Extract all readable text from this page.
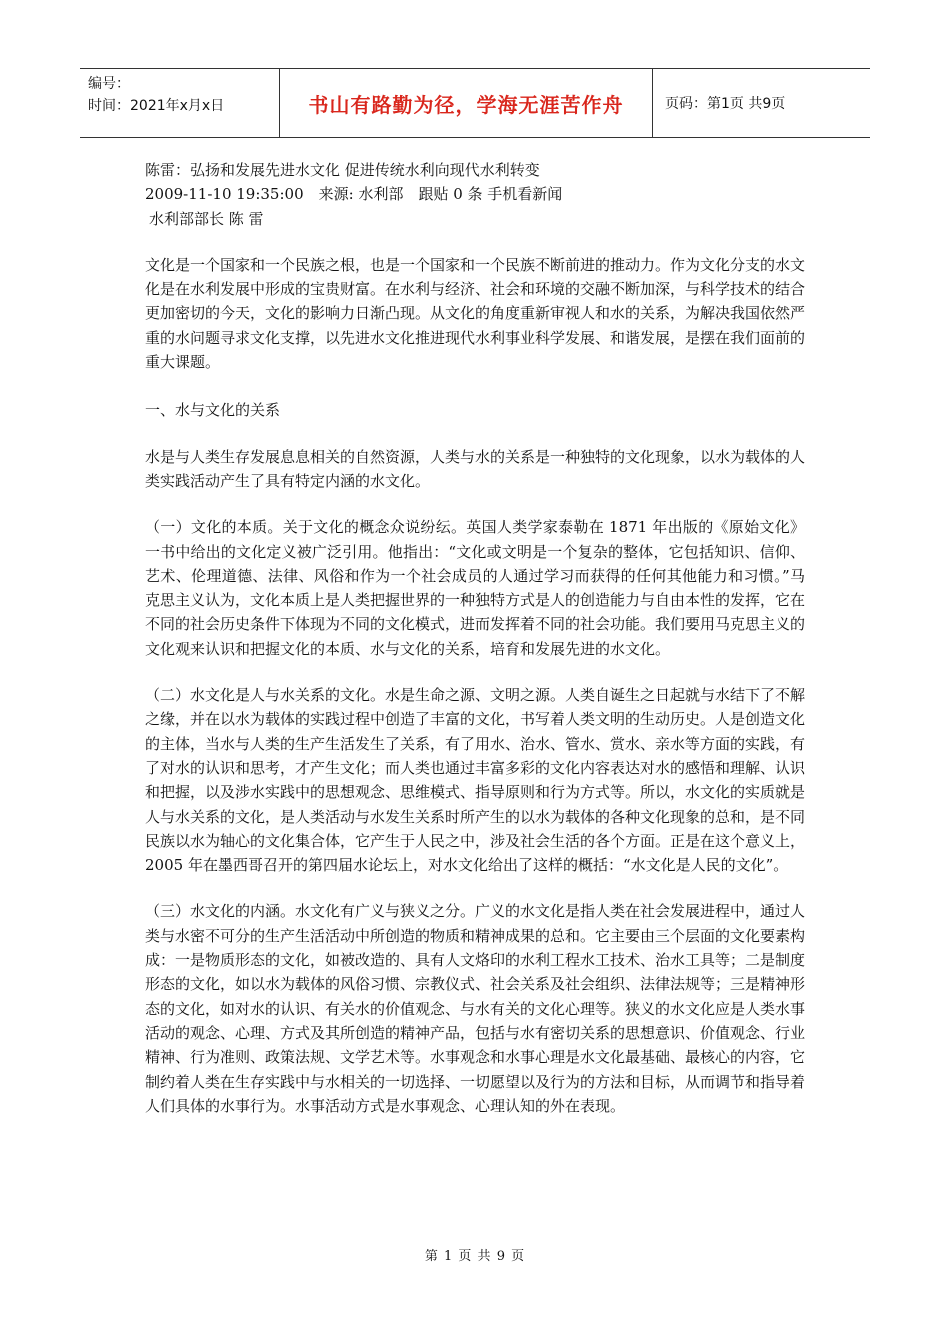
编号：
时间：2021年x月x日	书山有路勤为径，学海无涯苦作舟	页码：第1页 共9页

陈雷：弘扬和发展先进水文化 促进传统水利向现代水利转变

2009-11-10 19:35:00　来源: 水利部　跟贴 0 条 手机看新闻

水利部部长 陈 雷

文化是一个国家和一个民族之根，也是一个国家和一个民族不断前进的推动力。作为文化分支的水文化是在水利发展中形成的宝贵财富。在水利与经济、社会和环境的交融不断加深，与科学技术的结合更加密切的今天，文化的影响力日渐凸现。从文化的角度重新审视人和水的关系，为解决我国依然严重的水问题寻求文化支撑，以先进水文化推进现代水利事业科学发展、和谐发展，是摆在我们面前的重大课题。

一、水与文化的关系

水是与人类生存发展息息相关的自然资源，人类与水的关系是一种独特的文化现象，以水为载体的人类实践活动产生了具有特定内涵的水文化。

（一）文化的本质。关于文化的概念众说纷纭。英国人类学家泰勒在 1871 年出版的《原始文化》一书中给出的文化定义被广泛引用。他指出：“文化或文明是一个复杂的整体，它包括知识、信仰、艺术、伦理道德、法律、风俗和作为一个社会成员的人通过学习而获得的任何其他能力和习惯。”马克思主义认为，文化本质上是人类把握世界的一种独特方式是人的创造能力与自由本性的发挥，它在不同的社会历史条件下体现为不同的文化模式，进而发挥着不同的社会功能。我们要用马克思主义的文化观来认识和把握文化的本质、水与文化的关系，培育和发展先进的水文化。

（二）水文化是人与水关系的文化。水是生命之源、文明之源。人类自诞生之日起就与水结下了不解之缘，并在以水为载体的实践过程中创造了丰富的文化，书写着人类文明的生动历史。人是创造文化的主体，当水与人类的生产生活发生了关系，有了用水、治水、管水、赏水、亲水等方面的实践，有了对水的认识和思考，才产生文化；而人类也通过丰富多彩的文化内容表达对水的感悟和理解、认识和把握，以及涉水实践中的思想观念、思维模式、指导原则和行为方式等。所以，水文化的实质就是人与水关系的文化，是人类活动与水发生关系时所产生的以水为载体的各种文化现象的总和，是不同民族以水为轴心的文化集合体，它产生于人民之中，涉及社会生活的各个方面。正是在这个意义上，2005 年在墨西哥召开的第四届水论坛上，对水文化给出了这样的概括：“水文化是人民的文化”。

（三）水文化的内涵。水文化有广义与狭义之分。广义的水文化是指人类在社会发展进程中，通过人类与水密不可分的生产生活活动中所创造的物质和精神成果的总和。它主要由三个层面的文化要素构成：一是物质形态的文化，如被改造的、具有人文烙印的水利工程水工技术、治水工具等；二是制度形态的文化，如以水为载体的风俗习惯、宗教仪式、社会关系及社会组织、法律法规等；三是精神形态的文化，如对水的认识、有关水的价值观念、与水有关的文化心理等。狭义的水文化应是人类水事活动的观念、心理、方式及其所创造的精神产品，包括与水有密切关系的思想意识、价值观念、行业精神、行为准则、政策法规、文学艺术等。水事观念和水事心理是水文化最基础、最核心的内容，它制约着人类在生存实践中与水相关的一切选择、一切愿望以及行为的方法和目标，从而调节和指导着人们具体的水事行为。水事活动方式是水事观念、心理认知的外在表现。

第 1 页 共 9 页
